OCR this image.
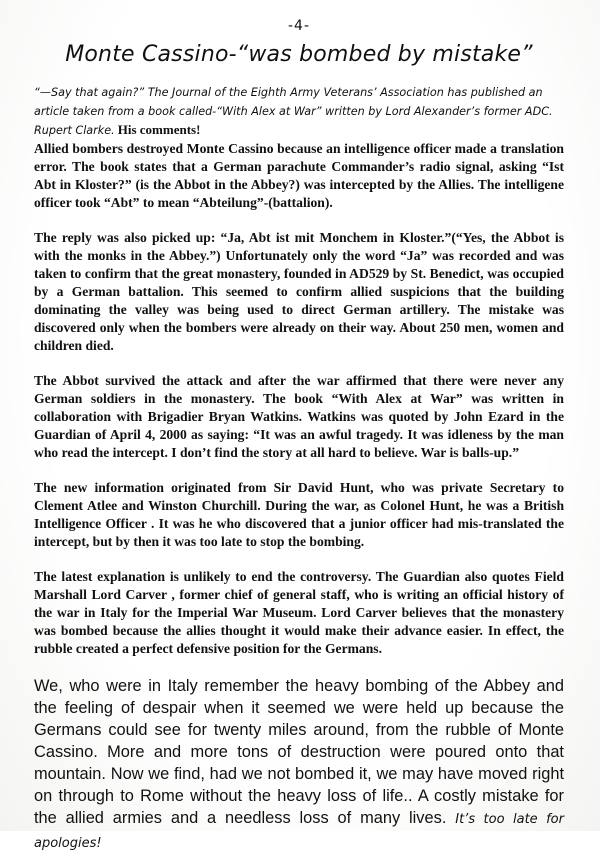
-4-
Monte Cassino-“was bombed by mistake”

“—Say that again?” The Journal of the Eighth Army Veterans’ Association has published an article taken from a book called-“With Alex at War” written by Lord Alexander’s former ADC. Rupert Clarke. His comments!

Allied bombers destroyed Monte Cassino because an intelligence officer made a translation error. The book states that a German parachute Commander’s radio signal, asking “Ist Abt in Kloster?” (is the Abbot in the Abbey?) was intercepted by the Allies. The intelligene officer took “Abt” to mean “Abteilung”-(battalion).

The reply was also picked up: “Ja, Abt ist mit Monchem in Kloster.”(“Yes, the Abbot is with the monks in the Abbey.”) Unfortunately only the word “Ja” was recorded and was taken to confirm that the great monastery, founded in AD529 by St. Benedict, was occupied by a German battalion. This seemed to confirm allied suspicions that the building dominating the valley was being used to direct German artillery. The mistake was discovered only when the bombers were already on their way. About 250 men, women and children died.

The Abbot survived the attack and after the war affirmed that there were never any German soldiers in the monastery. The book “With Alex at War” was written in collaboration with Brigadier Bryan Watkins. Watkins was quoted by John Ezard in the Guardian of April 4, 2000 as saying: “It was an awful tragedy. It was idleness by the man who read the intercept. I don’t find the story at all hard to believe. War is balls-up.”

The new information originated from Sir David Hunt, who was private Secretary to Clement Atlee and Winston Churchill. During the war, as Colonel Hunt, he was a British Intelligence Officer . It was he who discovered that a junior officer had mis-translated the intercept, but by then it was too late to stop the bombing.

The latest explanation is unlikely to end the controversy. The Guardian also quotes Field Marshall Lord Carver , former chief of general staff, who is writing an official history of the war in Italy for the Imperial War Museum. Lord Carver believes that the monastery was bombed because the allies thought it would make their advance easier. In effect, the rubble created a perfect defensive position for the Germans.

We, who were in Italy remember the heavy bombing of the Abbey and the feeling of despair when it seemed we were held up because the Germans could see for twenty miles around, from the rubble of Monte Cassino. More and more tons of destruction were poured onto that mountain. Now we find, had we not bombed it, we may have moved right on through to Rome without the heavy loss of life.. A costly mistake for the allied armies and a needless loss of many lives. It’s too late for apologies!
